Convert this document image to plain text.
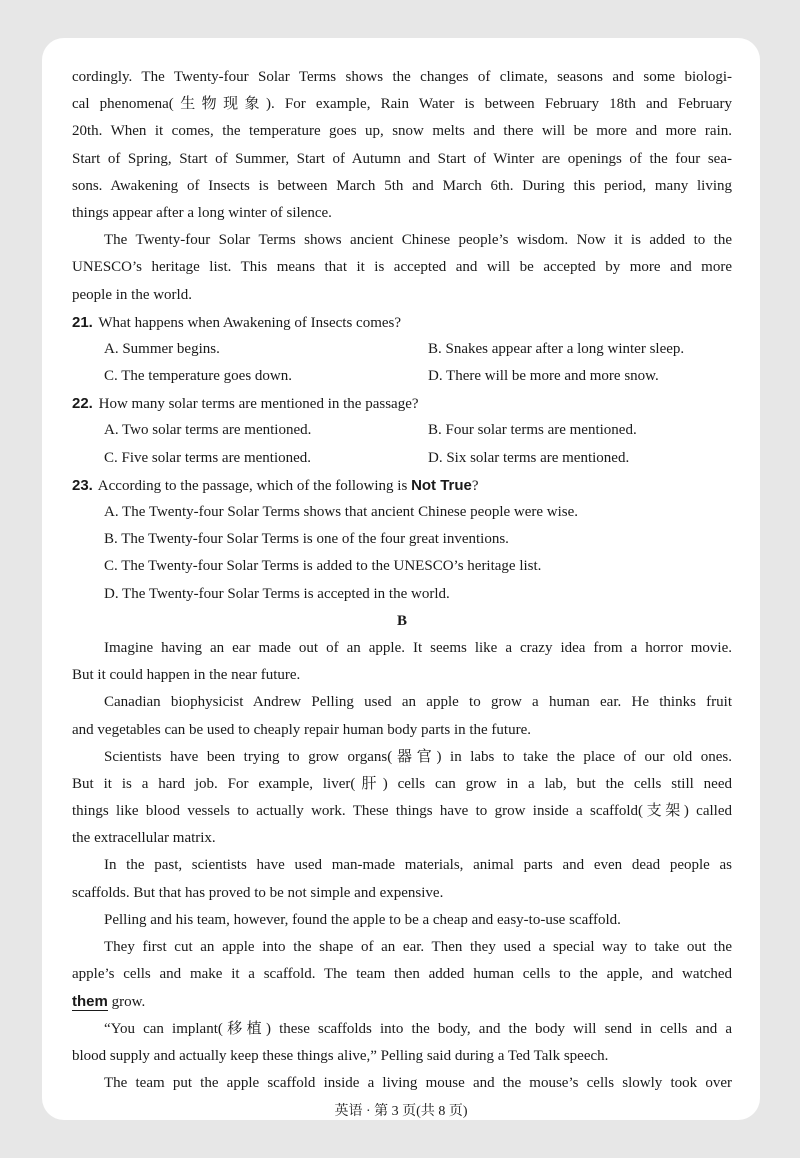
cordingly. The Twenty-four Solar Terms shows the changes of climate, seasons and some biologi-
cal phenomena(生物现象). For example, Rain Water is between February 18th and February
20th. When it comes, the temperature goes up, snow melts and there will be more and more rain.
Start of Spring, Start of Summer, Start of Autumn and Start of Winter are openings of the four sea-
sons. Awakening of Insects is between March 5th and March 6th. During this period, many living
things appear after a long winter of silence.
The Twenty-four Solar Terms shows ancient Chinese people’s wisdom. Now it is added to the
UNESCO’s heritage list. This means that it is accepted and will be accepted by more and more
people in the world.
21. What happens when Awakening of Insects comes?
A. Summer begins.	B. Snakes appear after a long winter sleep.
C. The temperature goes down.	D. There will be more and more snow.
22. How many solar terms are mentioned in the passage?
A. Two solar terms are mentioned.	B. Four solar terms are mentioned.
C. Five solar terms are mentioned.	D. Six solar terms are mentioned.
23. According to the passage, which of the following is Not True?
A. The Twenty-four Solar Terms shows that ancient Chinese people were wise.
B. The Twenty-four Solar Terms is one of the four great inventions.
C. The Twenty-four Solar Terms is added to the UNESCO’s heritage list.
D. The Twenty-four Solar Terms is accepted in the world.
B
Imagine having an ear made out of an apple. It seems like a crazy idea from a horror movie.
But it could happen in the near future.
Canadian biophysicist Andrew Pelling used an apple to grow a human ear. He thinks fruit
and vegetables can be used to cheaply repair human body parts in the future.
Scientists have been trying to grow organs(器官) in labs to take the place of our old ones.
But it is a hard job. For example, liver(肝) cells can grow in a lab, but the cells still need
things like blood vessels to actually work. These things have to grow inside a scaffold(支架) called
the extracellular matrix.
In the past, scientists have used man-made materials, animal parts and even dead people as
scaffolds. But that has proved to be not simple and expensive.
Pelling and his team, however, found the apple to be a cheap and easy-to-use scaffold.
They first cut an apple into the shape of an ear. Then they used a special way to take out the
apple’s cells and make it a scaffold. The team then added human cells to the apple, and watched
them grow.
“You can implant(移植) these scaffolds into the body, and the body will send in cells and a
blood supply and actually keep these things alive,” Pelling said during a Ted Talk speech.
The team put the apple scaffold inside a living mouse and the mouse’s cells slowly took over
英语 · 第 3 页(共 8 页)
